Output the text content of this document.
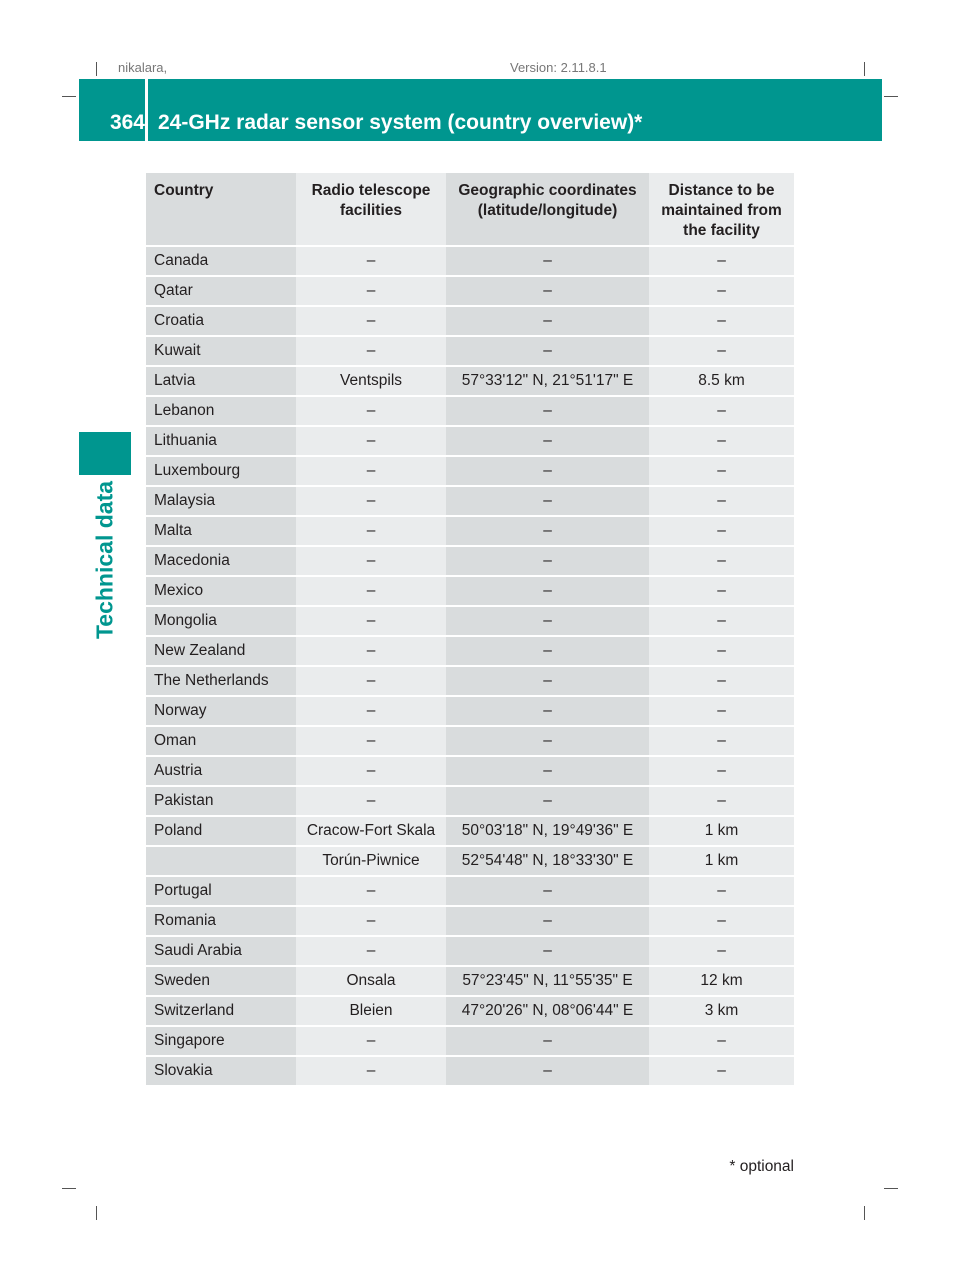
nikalara,	Version: 2.11.8.1
364 24-GHz radar sensor system (country overview)*
Technical data
Country	Radio telescope facilities	Geographic coordinates (latitude/longitude)	Distance to be maintained from the facility
Canada	–	–	–
Qatar	–	–	–
Croatia	–	–	–
Kuwait	–	–	–
Latvia	Ventspils	57°33'12" N, 21°51'17" E	8.5 km
Lebanon	–	–	–
Lithuania	–	–	–
Luxembourg	–	–	–
Malaysia	–	–	–
Malta	–	–	–
Macedonia	–	–	–
Mexico	–	–	–
Mongolia	–	–	–
New Zealand	–	–	–
The Netherlands	–	–	–
Norway	–	–	–
Oman	–	–	–
Austria	–	–	–
Pakistan	–	–	–
Poland	Cracow-Fort Skala	50°03'18" N, 19°49'36" E	1 km
	Torún-Piwnice	52°54'48" N, 18°33'30" E	1 km
Portugal	–	–	–
Romania	–	–	–
Saudi Arabia	–	–	–
Sweden	Onsala	57°23'45" N, 11°55'35" E	12 km
Switzerland	Bleien	47°20'26" N, 08°06'44" E	3 km
Singapore	–	–	–
Slovakia	–	–	–
* optional
